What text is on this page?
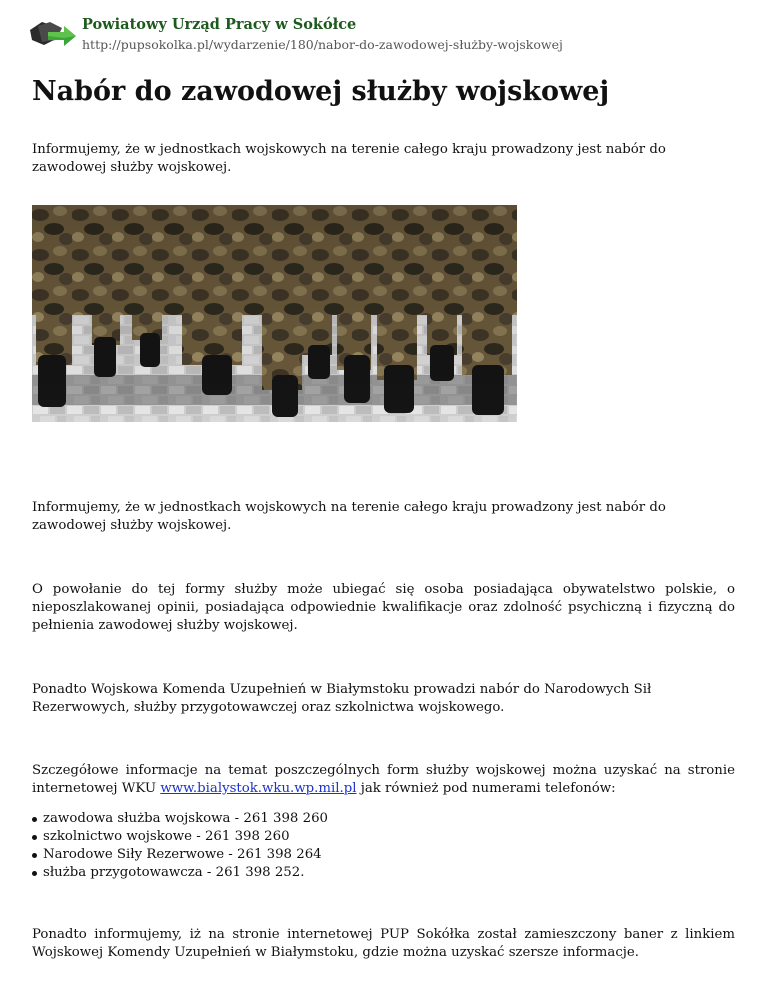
Powiatowy Urząd Pracy w Sokółce
http://pupsokolka.pl/wydarzenie/180/nabor-do-zawodowej-służby-wojskowej
Nabór do zawodowej służby wojskowej

Informujemy, że w jednostkach wojskowych na terenie całego kraju prowadzony jest nabór do zawodowej służby wojskowej.

Informujemy, że w jednostkach wojskowych na terenie całego kraju prowadzony jest nabór do zawodowej służby wojskowej.

O powołanie do tej formy służby może ubiegać się osoba posiadająca obywatelstwo polskie, o nieposzlakowanej opinii, posiadająca odpowiednie kwalifikacje oraz zdolność psychiczną i fizyczną do pełnienia zawodowej służby wojskowej.

Ponadto Wojskowa Komenda Uzupełnień w Białymstoku prowadzi nabór do Narodowych Sił Rezerwowych, służby przygotowawczej oraz szkolnictwa wojskowego.

Szczegółowe informacje na temat poszczególnych form służby wojskowej można uzyskać na stronie internetowej WKU www.bialystok.wku.wp.mil.pl jak również pod numerami telefonów:

zawodowa służba wojskowa - 261 398 260
szkolnictwo wojskowe - 261 398 260
Narodowe Siły Rezerwowe - 261 398 264
służba przygotowawcza - 261 398 252.

Ponadto informujemy, iż na stronie internetowej PUP Sokółka został zamieszczony baner z linkiem Wojskowej Komendy Uzupełnień w Białymstoku, gdzie można uzyskać szersze informacje.
